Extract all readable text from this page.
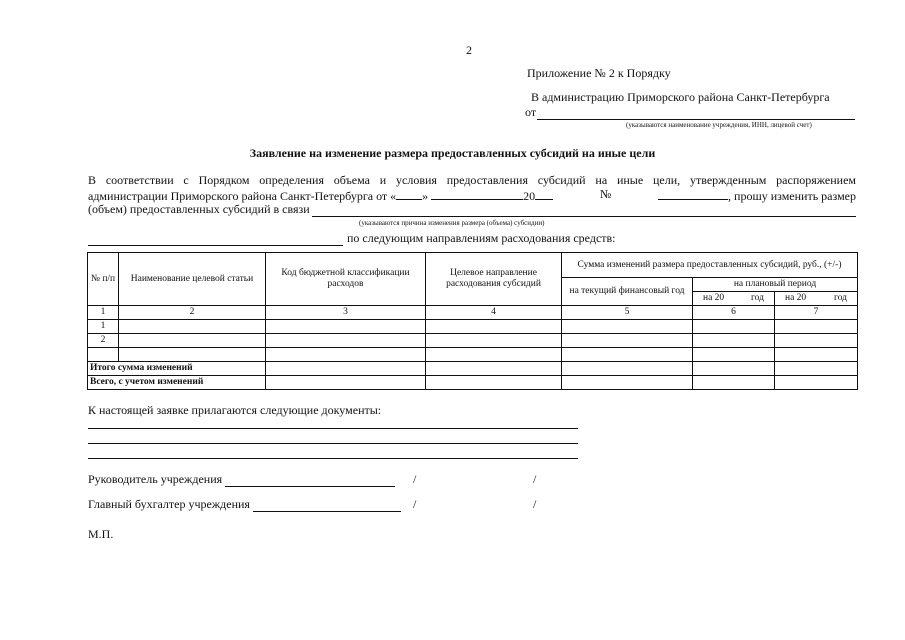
2
Приложение № 2 к Порядку
В администрацию Приморского района Санкт-Петербурга
от
(указываются наименование учреждения, ИНН, лицевой счет)
Заявление на изменение размера предоставленных субсидий на иные цели
В соответствии с Порядком определения объема и условия предоставления субсидий на иные цели, утвержденным распоряжением
администрации Приморского района Санкт-Петербурга от « »	20	№	, прошу изменить размер
(объем) предоставленных субсидий в связи
(указываются причина изменения размера (объема) субсидии)
по следующим направлениям расходования средств:
№ п/п	Наименование целевой статьи	Код бюджетной классификации расходов	Целевое направление расходования субсидий	Сумма изменений размера предоставленных субсидий, руб., (+/-)		
				на текущий финансовый год	на плановый период	

					на 20 год	на 20 год

1	2	3	4	5	6	7
1						
2						

Итого сумма изменений						
Всего, с учетом изменений						
К настоящей заявке прилагаются следующие документы:
Руководитель учреждения	/	/
Главный бухгалтер учреждения	/	/
М.П.
